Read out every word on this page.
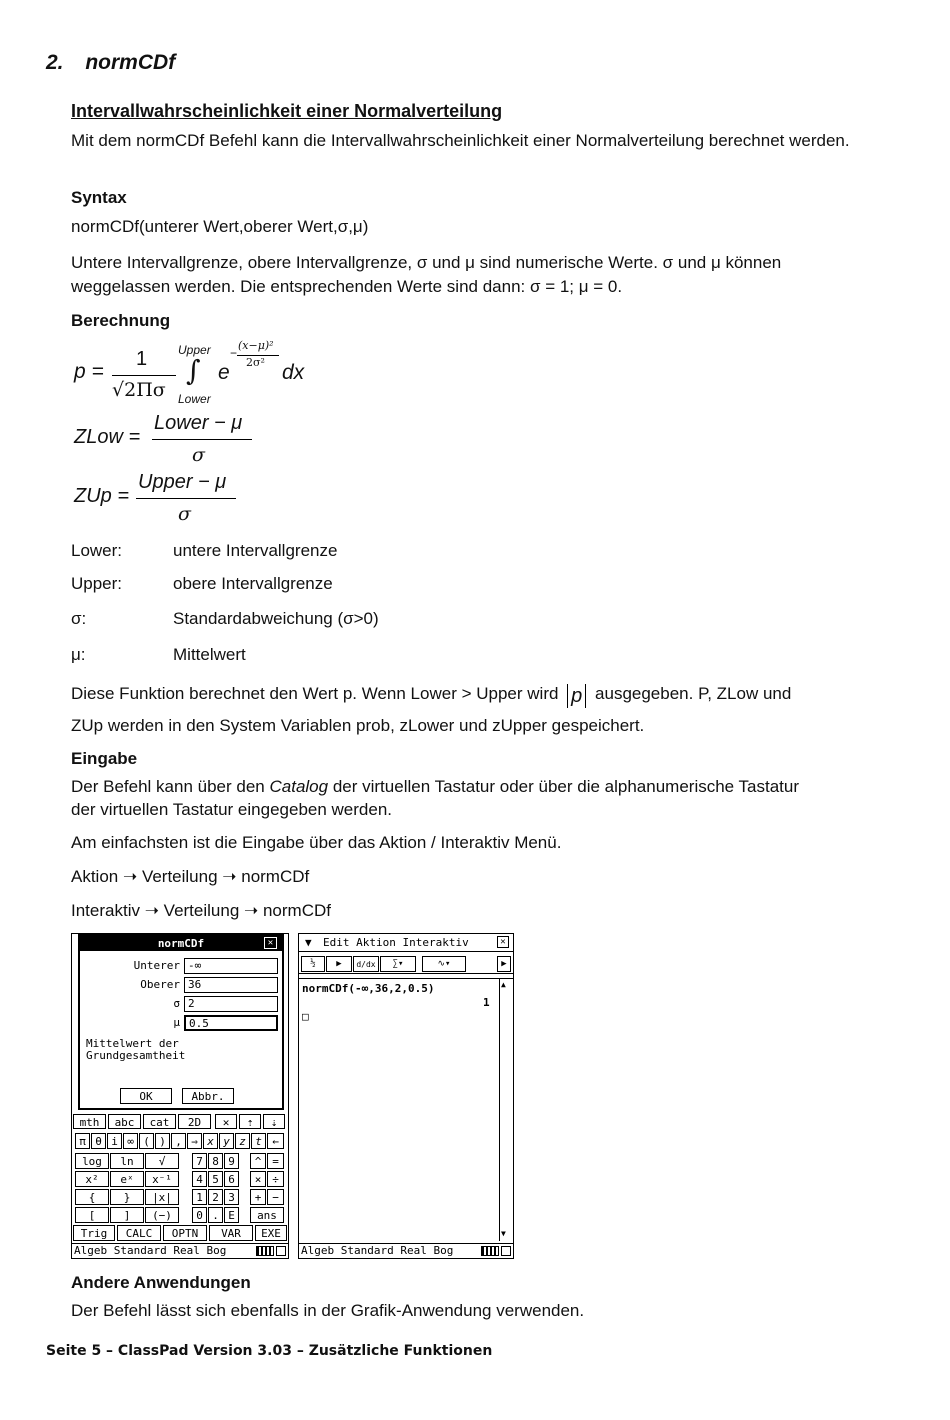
2. normCDf
Intervallwahrscheinlichkeit einer Normalverteilung
Mit dem normCDf Befehl kann die Intervallwahrscheinlichkeit einer Normalverteilung berechnet werden.
Syntax
normCDf(unterer Wert,oberer Wert,σ,μ)
Untere Intervallgrenze, obere Intervallgrenze, σ und μ sind numerische Werte. σ und μ können weggelassen werden. Die entsprechenden Werte sind dann: σ = 1; μ = 0.
Berechnung
p =
1
√2Πσ
Upper
∫
Lower
e
−
(x−μ)²
2σ² dx
ZLow =
Lower − μ
σ
ZUp =
Upper − μ
σ
Lower:	untere Intervallgrenze
Upper:	obere Intervallgrenze
σ:	Standardabweichung (σ>0)
μ:	Mittelwert
Diese Funktion berechnet den Wert p. Wenn Lower > Upper wird p ausgegeben. P, ZLow und
ZUp werden in den System Variablen prob, zLower und zUpper gespeichert.
Eingabe
Der Befehl kann über den Catalog der virtuellen Tastatur oder über die alphanumerische Tastatur
der virtuellen Tastatur eingegeben werden.
Am einfachsten ist die Eingabe über das Aktion / Interaktiv Menü.
Aktion ➝ Verteilung ➝ normCDf
Interaktiv ➝ Verteilung ➝ normCDf
normCDf	✕
Unterer -∞
Oberer 36
σ 2
μ 0.5
Mittelwert der
Grundgesamtheit
OK	Abbr.
mth	abc	cat	2D	✕	⇡	⇣
π θ i ∞ ( ) , ⇒ x y z t ←
log	ln	√	7 8 9	^ =
x²	eˣ	x⁻¹	4 5 6	× ÷
{	}	|x|	1 2 3	+ −
[	]	(−)	0 . E	ans
Trig	CALC	OPTN	VAR	EXE
Algeb Standard Real Bog
▼ Edit Aktion Interaktiv	✕
½	▶	d/dx	∑▾	∿▾	▶
normCDf(-∞,36,2,0.5)
1
□
▲
▼
Algeb Standard Real Bog
Andere Anwendungen
Der Befehl lässt sich ebenfalls in der Grafik-Anwendung verwenden.
Seite 5 – ClassPad Version 3.03 – Zusätzliche Funktionen
